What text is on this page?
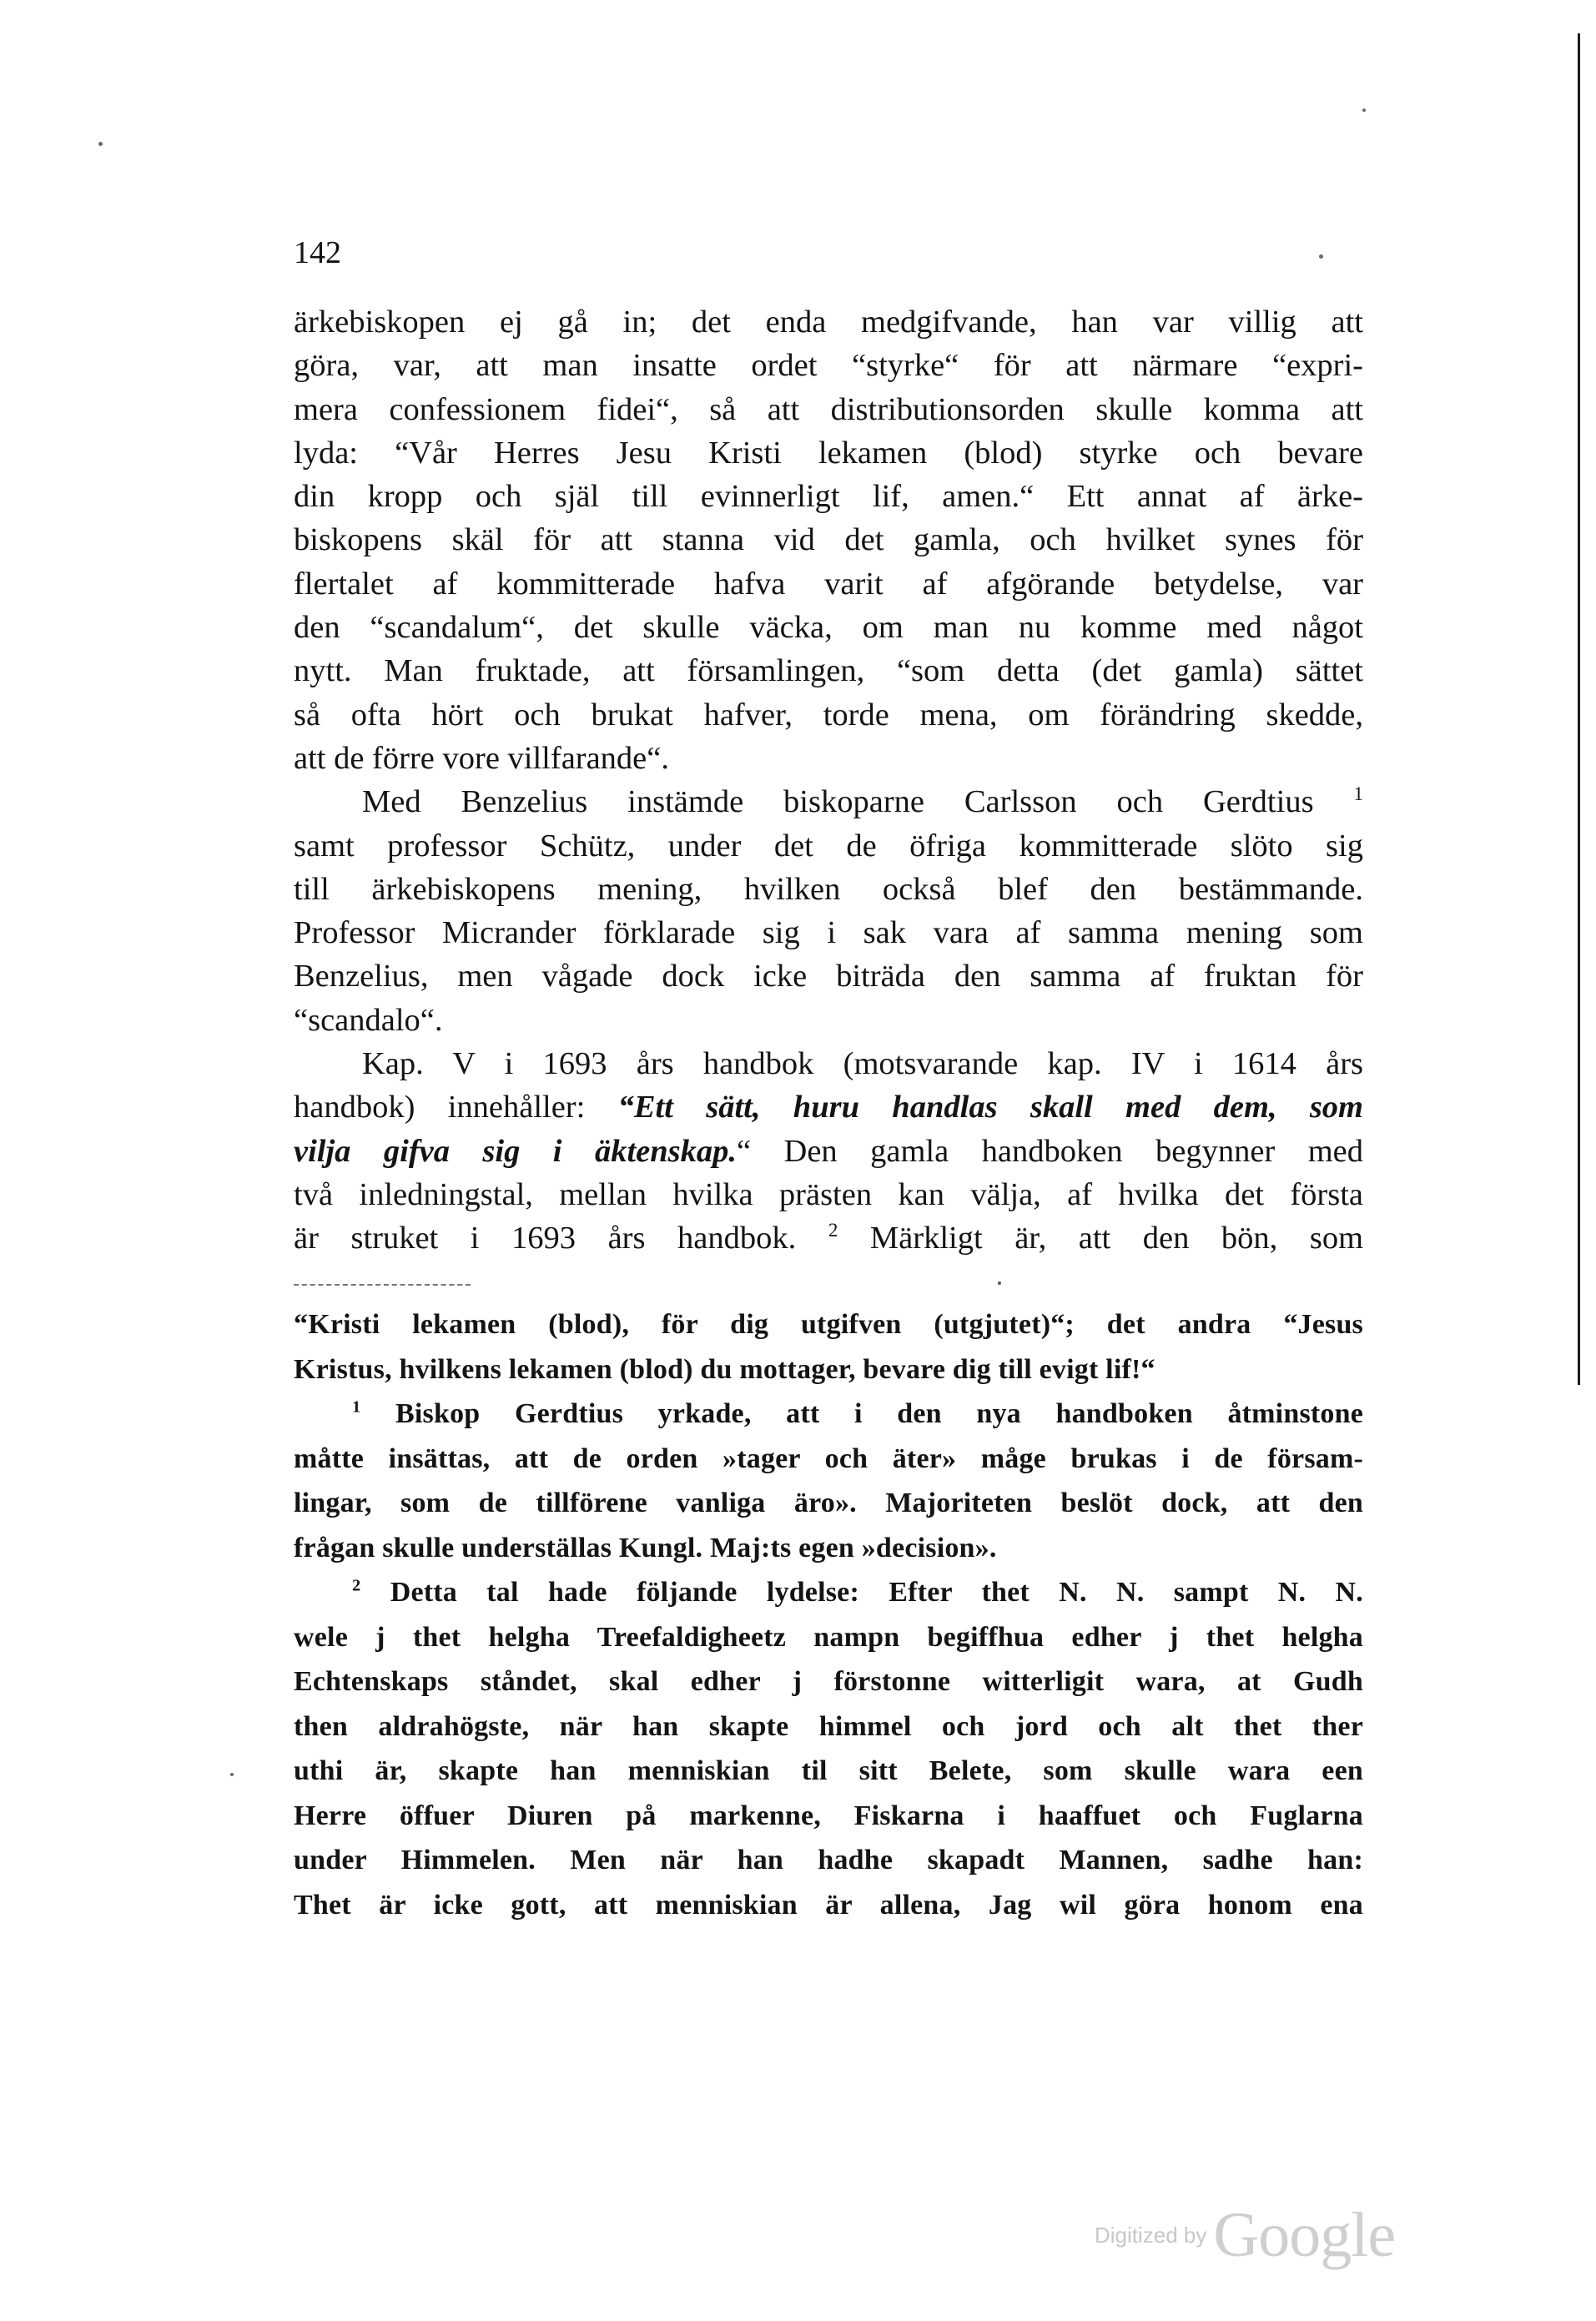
142
ärkebiskopen ej gå in; det enda medgifvande, han var villig att
göra, var, att man insatte ordet “styrke“ för att närmare “expri-
mera confessionem fidei“, så att distributionsorden skulle komma att
lyda: “Vår Herres Jesu Kristi lekamen (blod) styrke och bevare
din kropp och själ till evinnerligt lif, amen.“ Ett annat af ärke-
biskopens skäl för att stanna vid det gamla, och hvilket synes för
flertalet af kommitterade hafva varit af afgörande betydelse, var
den “scandalum“, det skulle väcka, om man nu komme med något
nytt. Man fruktade, att församlingen, “som detta (det gamla) sättet
så ofta hört och brukat hafver, torde mena, om förändring skedde,
att de förre vore villfarande“.
Med Benzelius instämde biskoparne Carlsson och Gerdtius $^1$
samt professor Schütz, under det de öfriga kommitterade slöto sig
till ärkebiskopens mening, hvilken också blef den bestämmande.
Professor Micrander förklarade sig i sak vara af samma mening som
Benzelius, men vågade dock icke biträda den samma af fruktan för
“scandalo“.
Kap. V i 1693 års handbok (motsvarande kap. IV i 1614 års
handbok) innehåller: “Ett sätt, huru handlas skall med dem, som
vilja gifva sig i äktenskap.“ Den gamla handboken begynner med
två inledningstal, mellan hvilka prästen kan välja, af hvilka det första
är struket i 1693 års handbok. $^2$ Märkligt är, att den bön, som
“Kristi lekamen (blod), för dig utgifven (utgjutet)“; det andra “Jesus
Kristus, hvilkens lekamen (blod) du mottager, bevare dig till evigt lif!“
$^1$ Biskop Gerdtius yrkade, att i den nya handboken åtminstone
måtte insättas, att de orden »tager och äter» måge brukas i de försam-
lingar, som de tillförene vanliga äro». Majoriteten beslöt dock, att den
frågan skulle underställas Kungl. Maj:ts egen »decision».
$^2$ Detta tal hade följande lydelse: Efter thet N. N. sampt N. N.
wele j thet helgha Treefaldigheetz nampn begiffhua edher j thet helgha
Echtenskaps ståndet, skal edher j förstonne witterligit wara, at Gudh
then aldrahögste, när han skapte himmel och jord och alt thet ther
uthi är, skapte han menniskian til sitt Belete, som skulle wara een
Herre öffuer Diuren på markenne, Fiskarna i haaffuet och Fuglarna
under Himmelen. Men när han hadhe skapadt Mannen, sadhe han:
Thet är icke gott, att menniskian är allena, Jag wil göra honom ena
Digitized by Google
